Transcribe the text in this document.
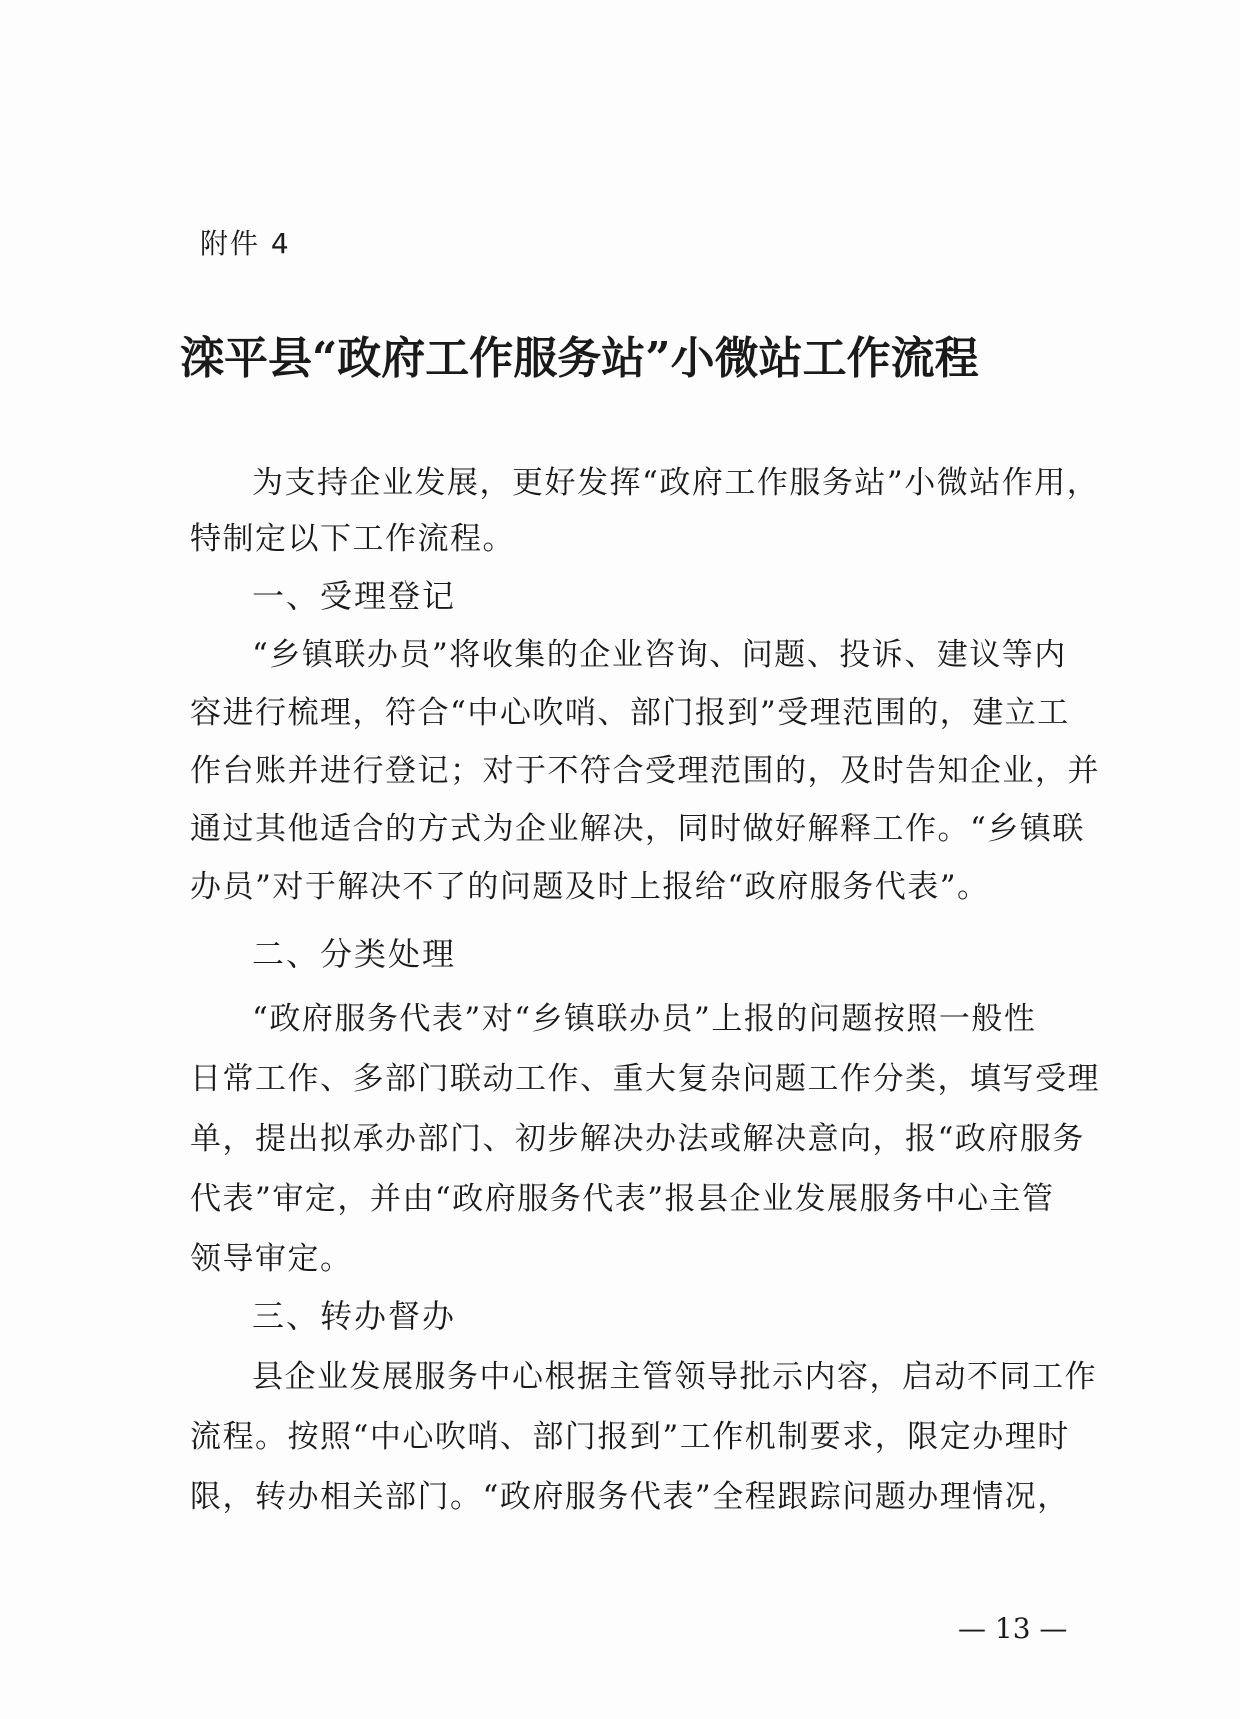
附件 4
滦平县“政府工作服务站”小微站工作流程
为支持企业发展，更好发挥“政府工作服务站”小微站作用，
特制定以下工作流程。
一、受理登记
“乡镇联办员”将收集的企业咨询、问题、投诉、建议等内
容进行梳理，符合“中心吹哨、部门报到”受理范围的，建立工
作台账并进行登记；对于不符合受理范围的，及时告知企业，并
通过其他适合的方式为企业解决，同时做好解释工作。“乡镇联
办员”对于解决不了的问题及时上报给“政府服务代表”。
二、分类处理
“政府服务代表”对“乡镇联办员”上报的问题按照一般性
日常工作、多部门联动工作、重大复杂问题工作分类，填写受理
单，提出拟承办部门、初步解决办法或解决意向，报“政府服务
代表”审定，并由“政府服务代表”报县企业发展服务中心主管
领导审定。
三、转办督办
县企业发展服务中心根据主管领导批示内容，启动不同工作
流程。按照“中心吹哨、部门报到”工作机制要求，限定办理时
限，转办相关部门。“政府服务代表”全程跟踪问题办理情况，
— 13 —
